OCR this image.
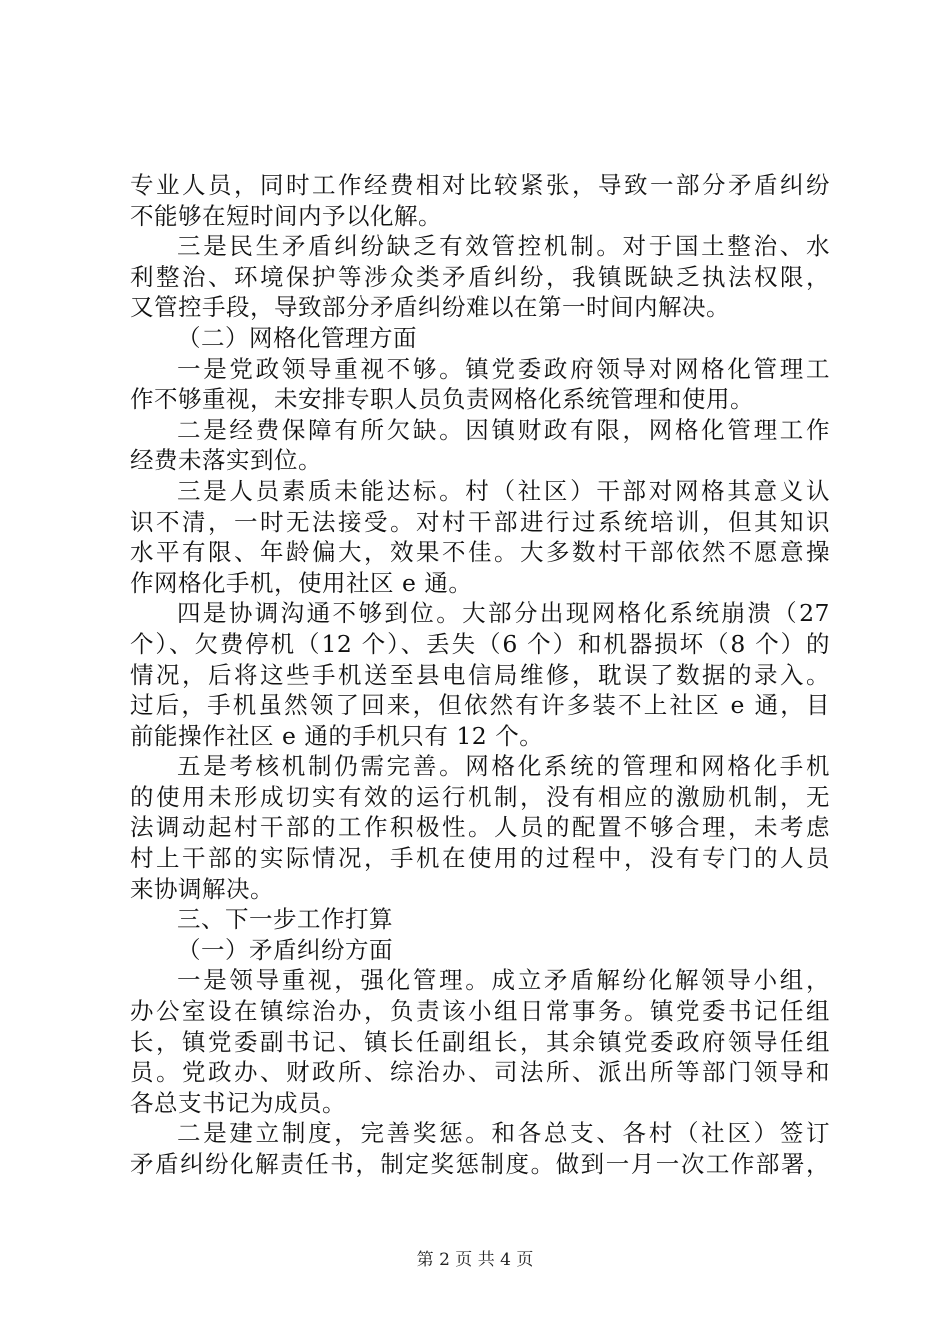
专业人员，同时工作经费相对比较紧张，导致一部分矛盾纠纷
不能够在短时间内予以化解。
三是民生矛盾纠纷缺乏有效管控机制。对于国土整治、水
利整治、环境保护等涉众类矛盾纠纷，我镇既缺乏执法权限，
又管控手段，导致部分矛盾纠纷难以在第一时间内解决。
（二）网格化管理方面
一是党政领导重视不够。镇党委政府领导对网格化管理工
作不够重视，未安排专职人员负责网格化系统管理和使用。
二是经费保障有所欠缺。因镇财政有限，网格化管理工作
经费未落实到位。
三是人员素质未能达标。村（社区）干部对网格其意义认
识不清，一时无法接受。对村干部进行过系统培训，但其知识
水平有限、年龄偏大，效果不佳。大多数村干部依然不愿意操
作网格化手机，使用社区 e 通。
四是协调沟通不够到位。大部分出现网格化系统崩溃（27
个）、欠费停机（12 个）、丢失（6 个）和机器损坏（8 个）的
情况，后将这些手机送至县电信局维修，耽误了数据的录入。
过后，手机虽然领了回来，但依然有许多装不上社区 e 通，目
前能操作社区 e 通的手机只有 12 个。
五是考核机制仍需完善。网格化系统的管理和网格化手机
的使用未形成切实有效的运行机制，没有相应的激励机制，无
法调动起村干部的工作积极性。人员的配置不够合理，未考虑
村上干部的实际情况，手机在使用的过程中，没有专门的人员
来协调解决。
三、下一步工作打算
（一）矛盾纠纷方面
一是领导重视，强化管理。成立矛盾解纷化解领导小组，
办公室设在镇综治办，负责该小组日常事务。镇党委书记任组
长，镇党委副书记、镇长任副组长，其余镇党委政府领导任组
员。党政办、财政所、综治办、司法所、派出所等部门领导和
各总支书记为成员。
二是建立制度，完善奖惩。和各总支、各村（社区）签订
矛盾纠纷化解责任书，制定奖惩制度。做到一月一次工作部署，
第 2 页 共 4 页
